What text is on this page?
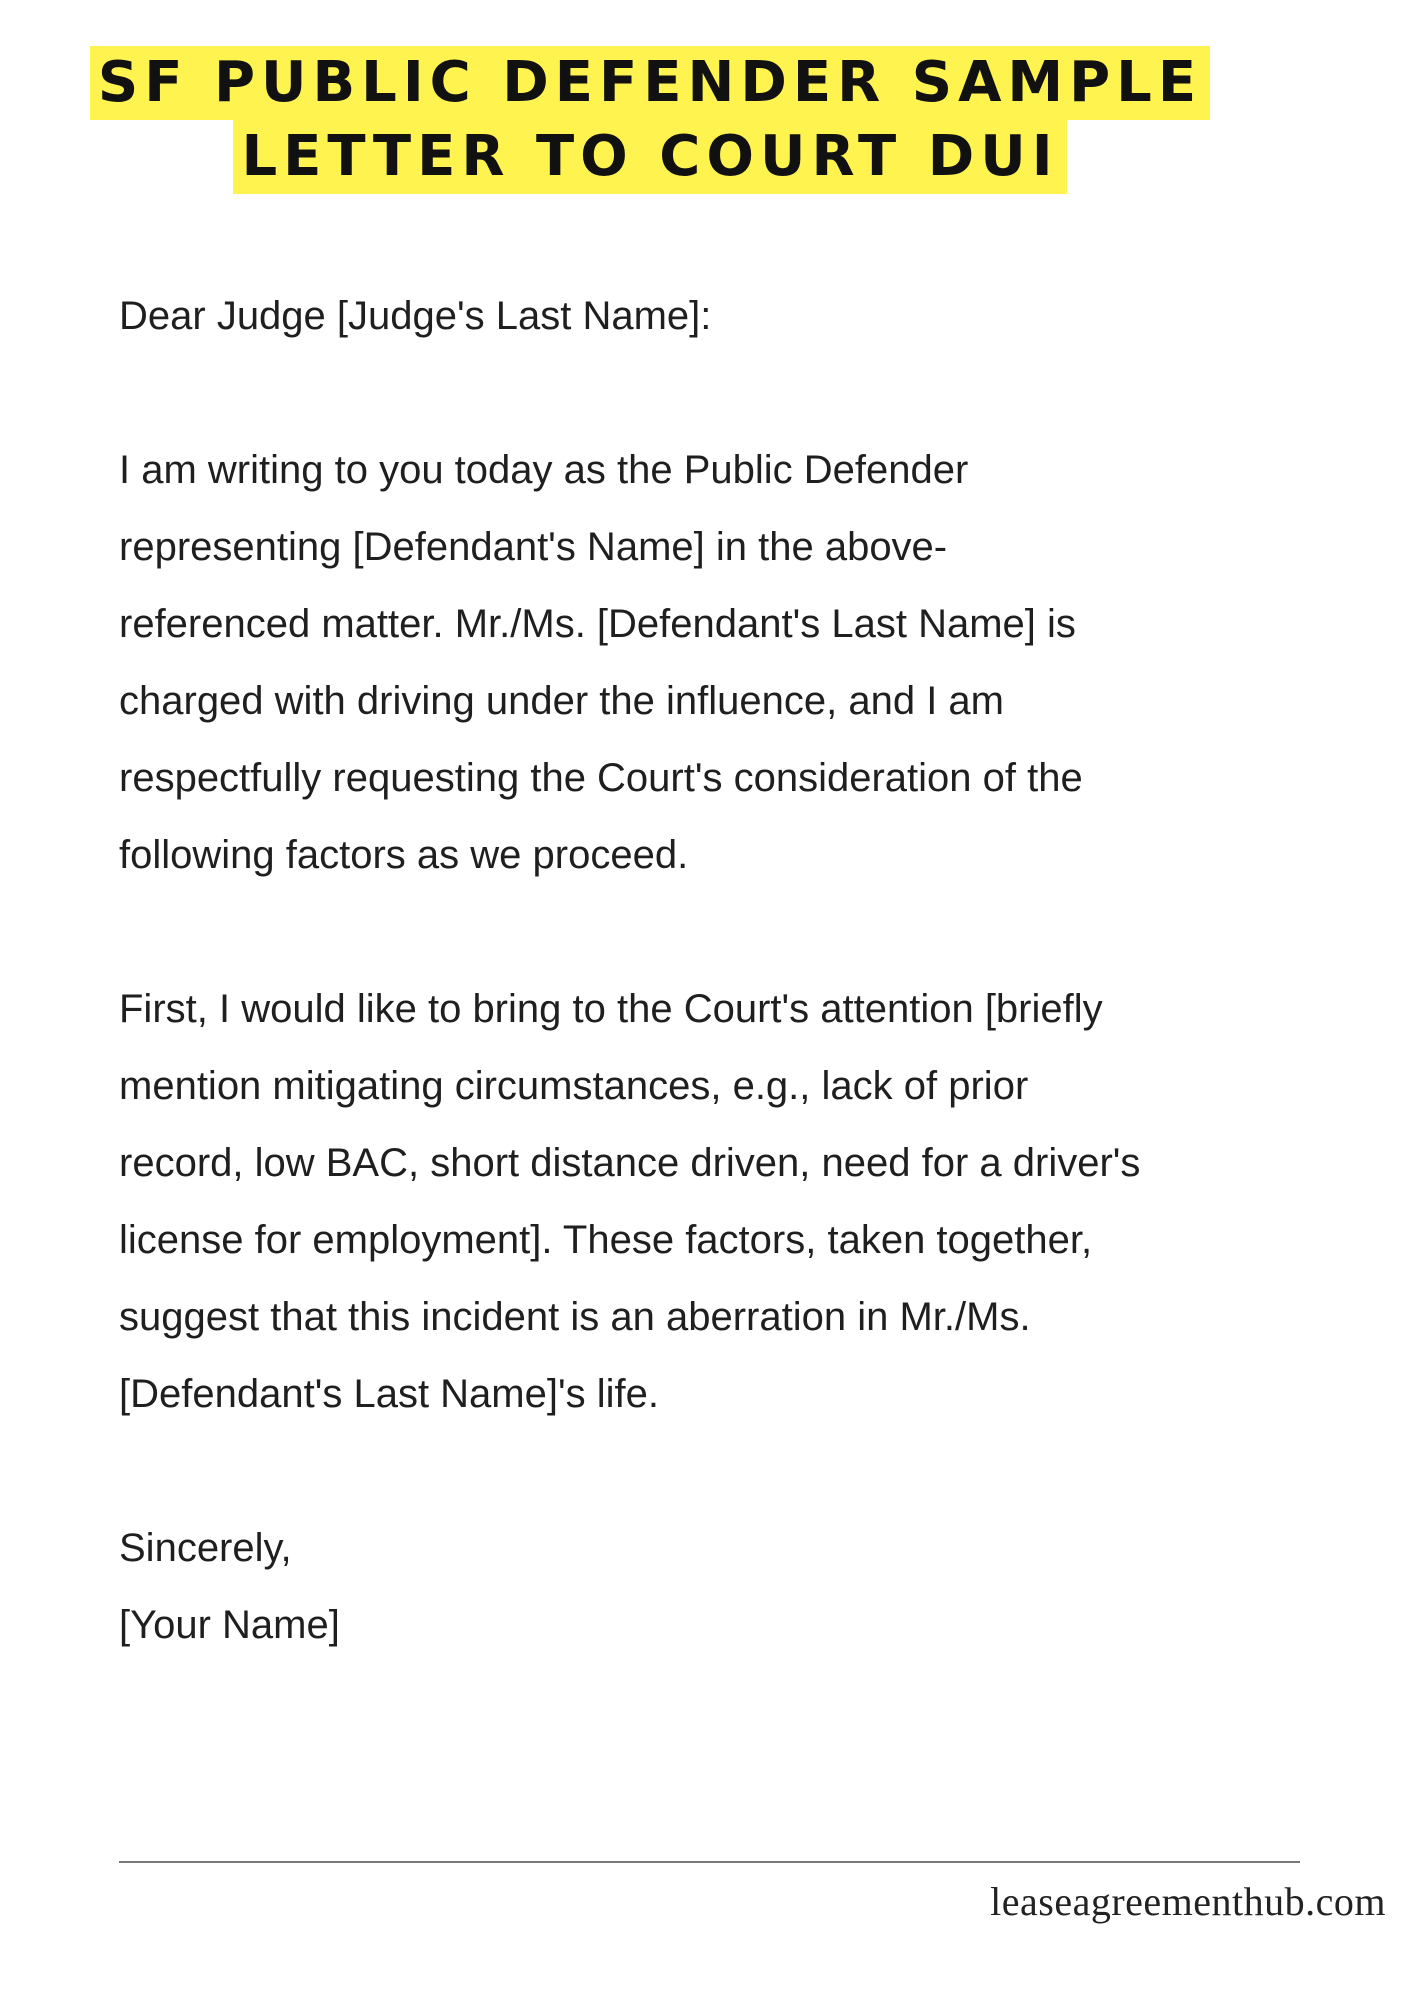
SF PUBLIC DEFENDER SAMPLE
LETTER TO COURT DUI

Dear Judge [Judge's Last Name]:

I am writing to you today as the Public Defender
representing [Defendant's Name] in the above-
referenced matter. Mr./Ms. [Defendant's Last Name] is
charged with driving under the influence, and I am
respectfully requesting the Court's consideration of the
following factors as we proceed.

First, I would like to bring to the Court's attention [briefly
mention mitigating circumstances, e.g., lack of prior
record, low BAC, short distance driven, need for a driver's
license for employment]. These factors, taken together,
suggest that this incident is an aberration in Mr./Ms.
[Defendant's Last Name]'s life.

Sincerely,
[Your Name]
leaseagreementhub.com
